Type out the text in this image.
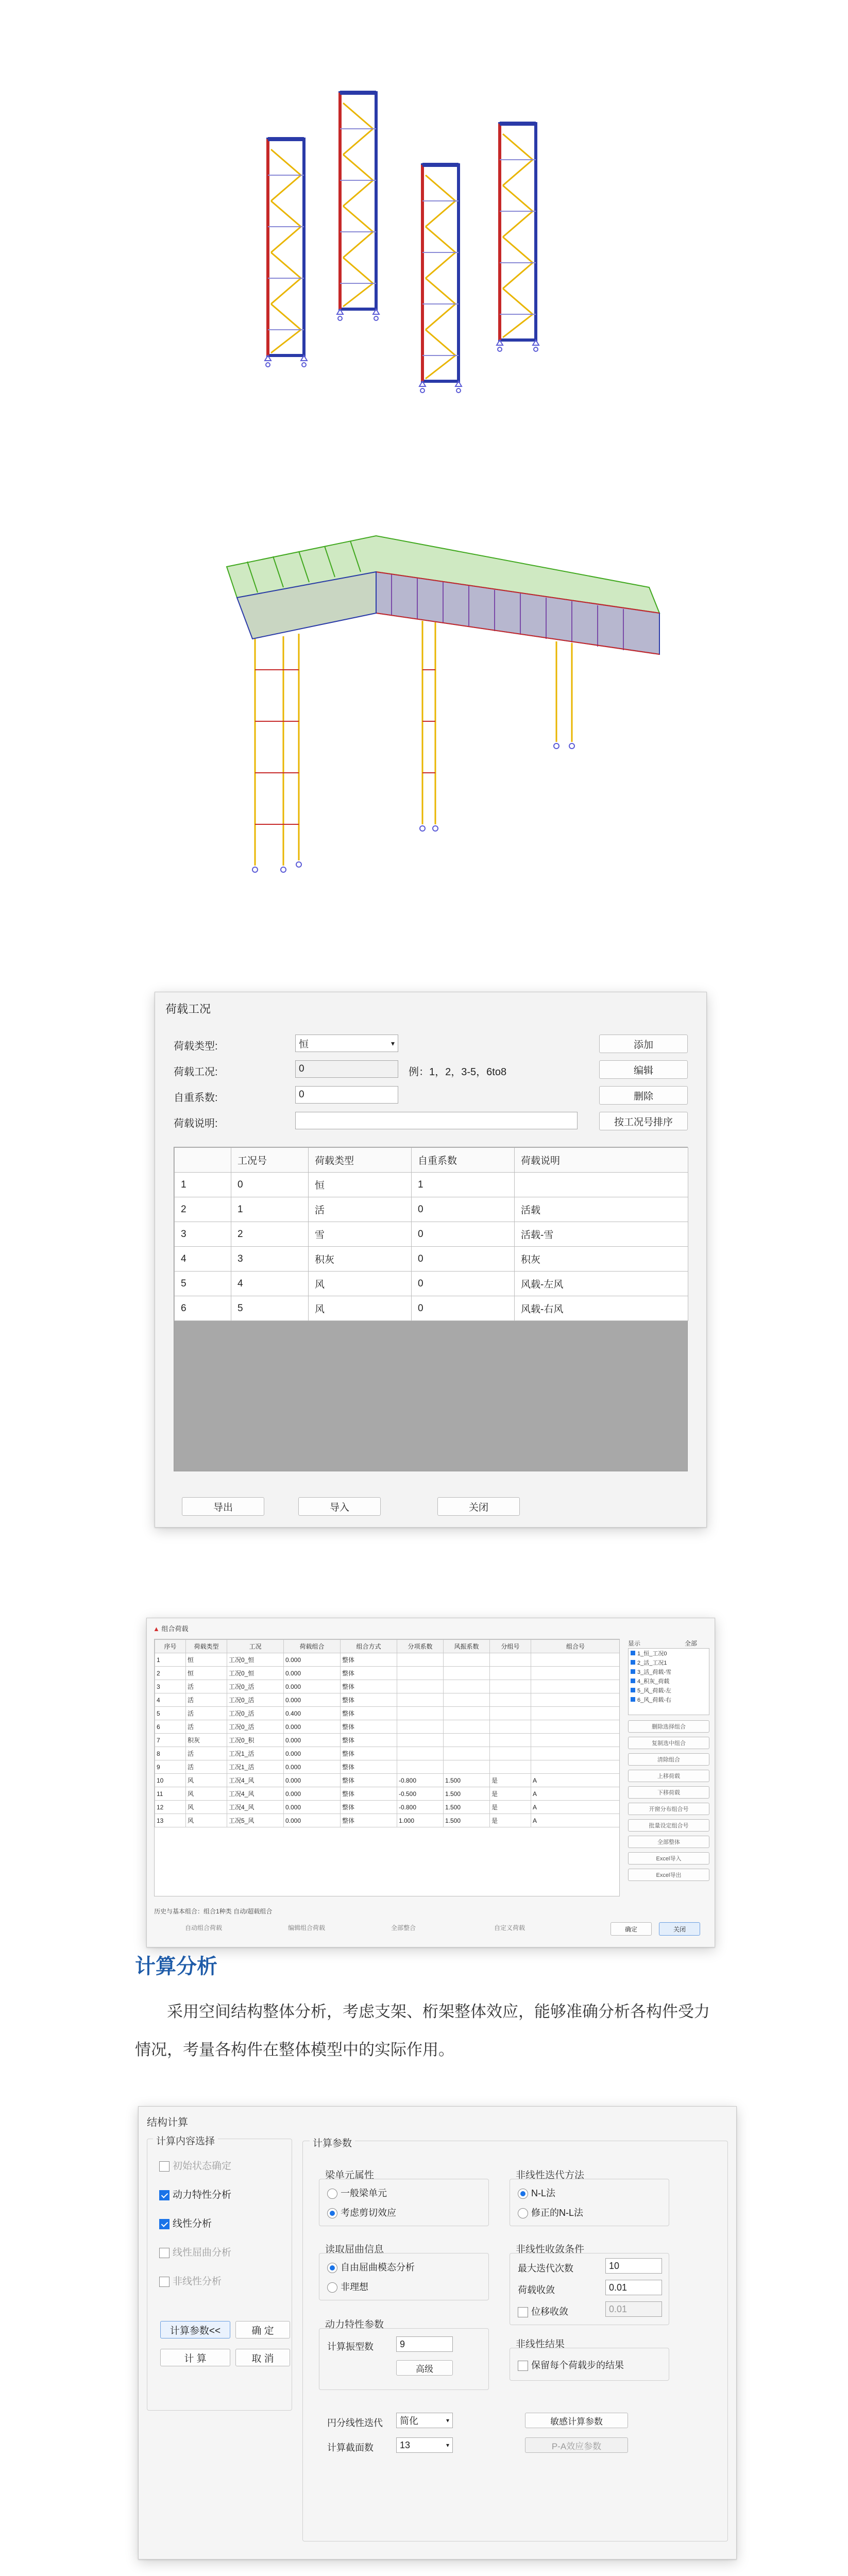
荷载工况
荷载类型:	恒	▾
荷载工况:	0	例：1，2，3-5，6to8
自重系数:	0
荷载说明:
添加
编辑
删除
按工况号排序
	工况号	荷载类型	自重系数	荷载说明
1	0	恒	1	
2	1	活	0	活载
3	2	雪	0	活载-雪
4	3	积灰	0	积灰
5	4	风	0	风载-左风
6	5	风	0	风载-右风
导出	导入	关闭
▲ 组合荷载
序号	荷载类型	工况	荷载组合	组合方式	分项系数	风振系数	分组号	组合号
1	恒	工况0_恒	0.000	整体				
2	恒	工况0_恒	0.000	整体				
3	活	工况0_活	0.000	整体				
4	活	工况0_活	0.000	整体				
5	活	工况0_活	0.400	整体				
6	活	工况0_活	0.000	整体				
7	积灰	工况0_积	0.000	整体				
8	活	工况1_活	0.000	整体				
9	活	工况1_活	0.000	整体				
10	风	工况4_风	0.000	整体	-0.800	1.500	是	A
11	风	工况4_风	0.000	整体	-0.500	1.500	是	A
12	风	工况4_风	0.000	整体	-0.800	1.500	是	A
13	风	工况5_风	0.000	整体	1.000	1.500	是	A
显示	全部
1_恒_工况0
2_活_工况1
3_活_荷载-雪
4_积灰_荷载
5_风_荷载-左
6_风_荷载-右
删除选择组合
复制选中组合
清除组合
上移荷载
下移荷载
开窗分布组合号
批量设定组合号
全部整体
Excel导入
Excel导出
历史与基本组合：组合1种类 自动/超载组合
自动组合荷载	编辑组合荷载	全部整合	自定义荷载	确定	关闭
计算分析
采用空间结构整体分析，考虑支架、桁架整体效应，能够准确分析各构件受力情况，考量各构件在整体模型中的实际作用。
结构计算
计算内容选择
初始状态确定
动力特性分析
线性分析
线性屈曲分析
非线性分析
计算参数<<	确 定
计 算	取 消
计算参数
梁单元属性
一般梁单元
考虑剪切效应
非线性迭代方法
N-L法
修正的N-L法
读取屈曲信息
自由屈曲模态分析
非理想
非线性收敛条件
最大迭代次数	10
荷载收敛	0.01
位移收敛	0.01
动力特性参数
计算振型数	9
高级
非线性结果
保留每个荷载步的结果
円分线性迭代 简化	▾
计算截面数	13	▾
敏感计算参数
P-A效应参数
